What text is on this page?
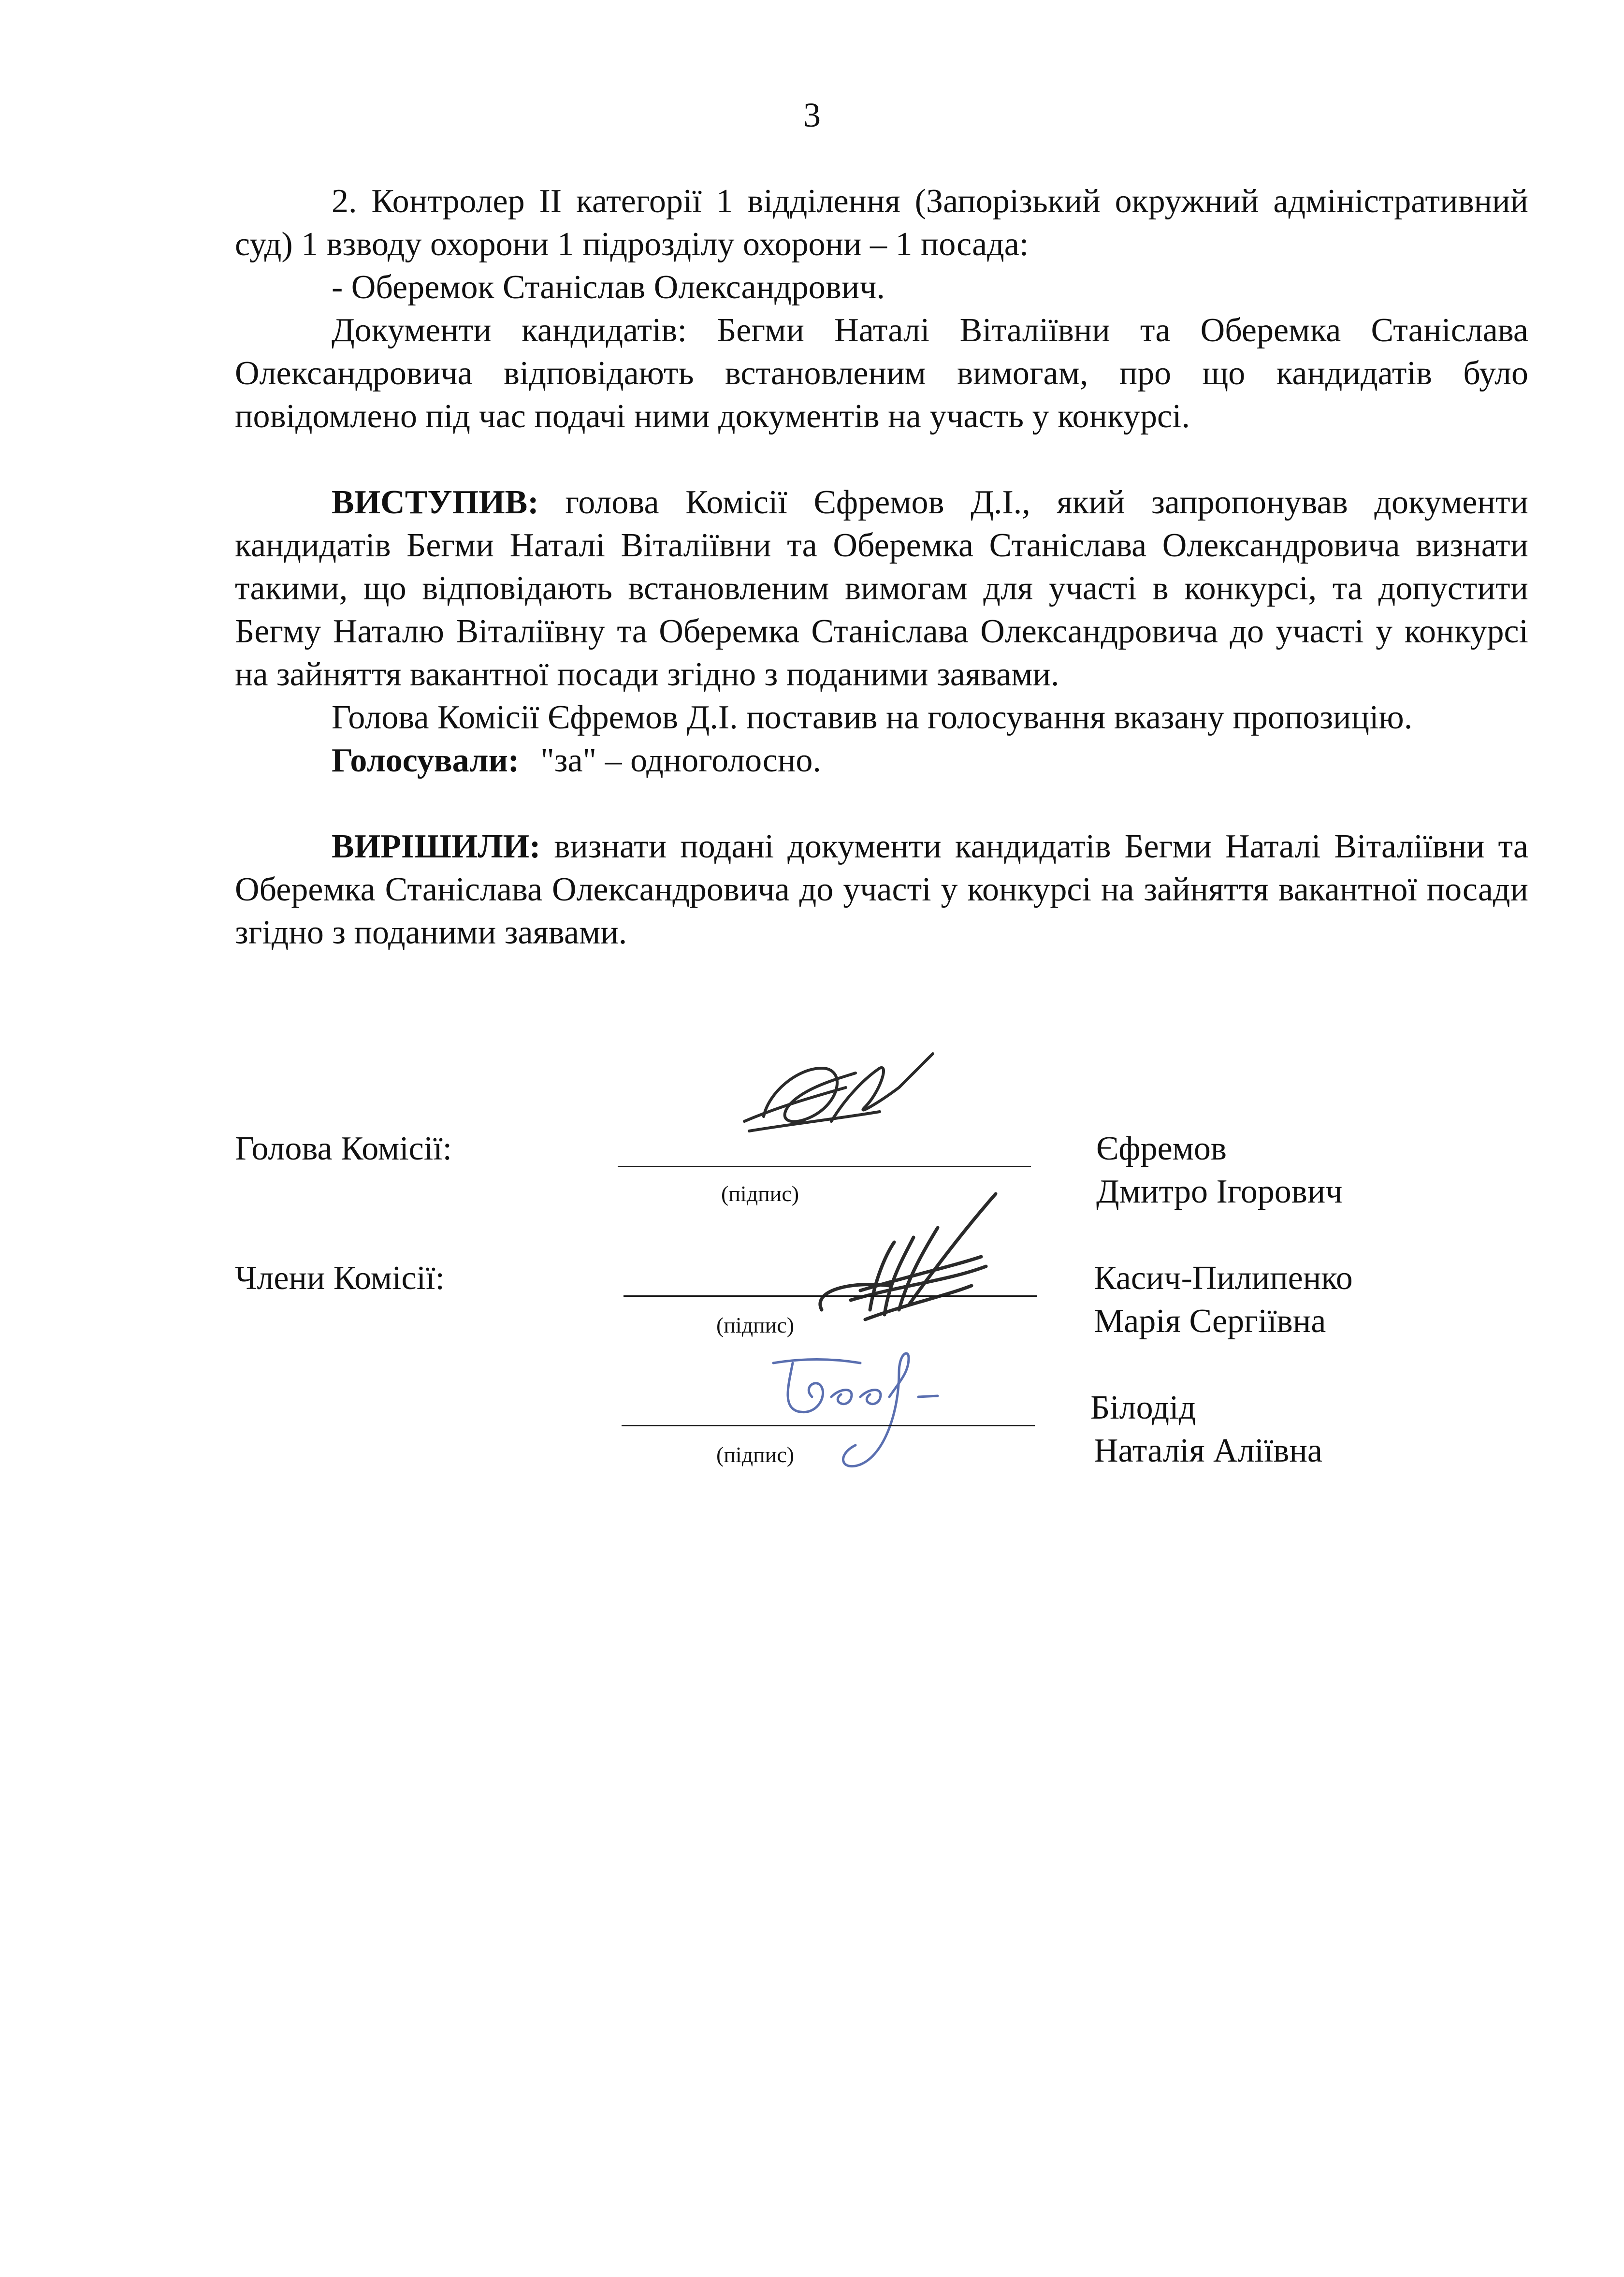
3

2. Контролер II категорії 1 відділення (Запорізький окружний адміністративний суд) 1 взводу охорони 1 підрозділу охорони – 1 посада:

- Оберемок Станіслав Олександрович.

Документи кандидатів: Бегми Наталі Віталіївни та Оберемка Станіслава Олександровича відповідають встановленим вимогам, про що кандидатів було повідомлено під час подачі ними документів на участь у конкурсі.

ВИСТУПИВ: голова Комісії Єфремов Д.І., який запропонував документи кандидатів Бегми Наталі Віталіївни та Оберемка Станіслава Олександровича визнати такими, що відповідають встановленим вимогам для участі в конкурсі, та допустити Бегму Наталю Віталіївну та Оберемка Станіслава Олександровича до участі у конкурсі на зайняття вакантної посади згідно з поданими заявами.

Голова Комісії Єфремов Д.І. поставив на голосування вказану пропозицію.

Голосували: "за" – одноголосно.

ВИРІШИЛИ: визнати подані документи кандидатів Бегми Наталі Віталіївни та Оберемка Станіслава Олександровича до участі у конкурсі на зайняття вакантної посади згідно з поданими заявами.

Голова Комісії:
(підпис)
Єфремов
Дмитро Ігорович
Члени Комісії:
(підпис)
Касич-Пилипенко
Марія Сергіївна
(підпис)
Білодід
Наталія Аліївна
